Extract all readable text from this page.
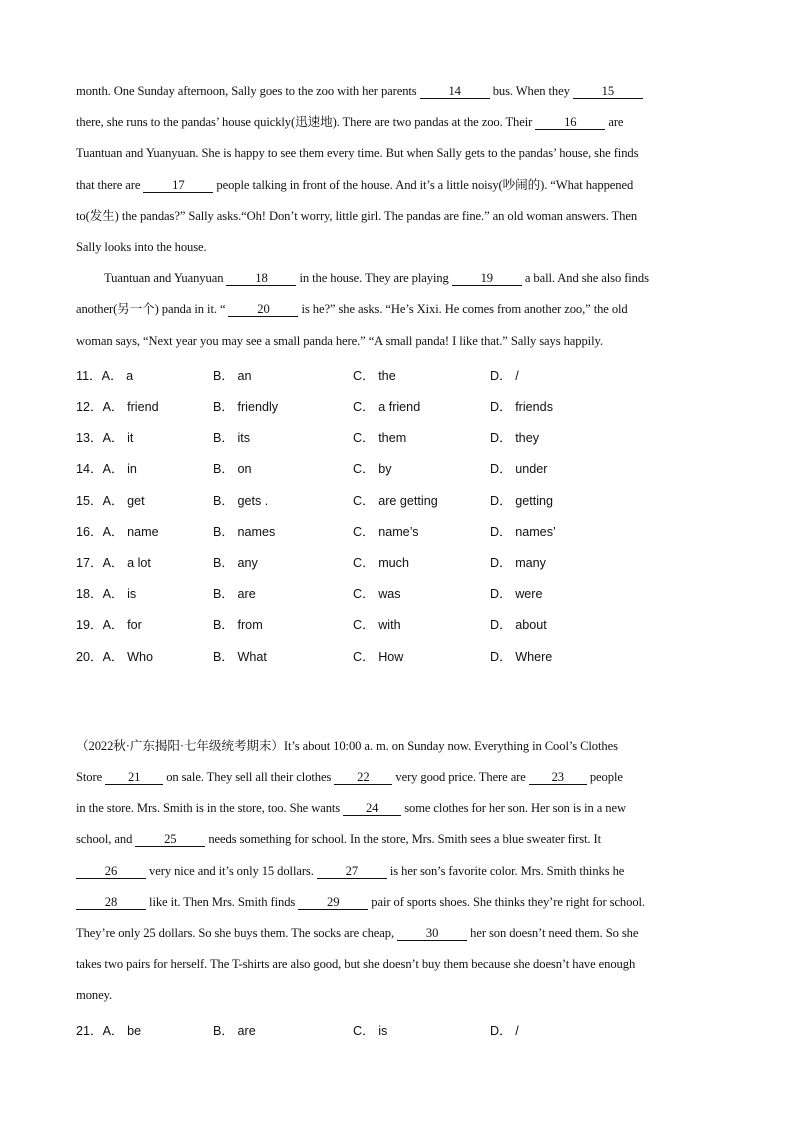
month. One Sunday afternoon, Sally goes to the zoo with her parents 14 bus. When they 15

there, she runs to the pandas’ house quickly(迅速地). There are two pandas at the zoo. Their 16 are

Tuantuan and Yuanyuan. She is happy to see them every time. But when Sally gets to the pandas’ house, she finds

that there are 17 people talking in front of the house. And it’s a little noisy(吵闹的). “What happened

to(发生) the pandas?” Sally asks.“Oh! Don’t worry, little girl. The pandas are fine.” an old woman answers. Then

Sally looks into the house.

Tuantuan and Yuanyuan 18 in the house. They are playing 19 a ball. And she also finds

another(另一个) panda in it. “ 20 is he?” she asks. “He’s Xixi. He comes from another zoo,” the old

woman says, “Next year you may see a small panda here.” “A small panda! I like that.” Sally says happily.

11．A． a	B． an	C． the	D． /
12．A． friend	B． friendly	C． a friend	D． friends
13．A． it	B． its	C． them	D． they
14．A． in	B． on	C． by	D． under
15．A． get	B． gets .	C． are getting	D． getting
16．A． name	B． names	C． name’s	D． names’
17．A． a lot	B． any	C． much	D． many
18．A． is	B． are	C． was	D． were
19．A． for	B． from	C． with	D． about
20．A． Who	B． What	C． How	D． Where

（2022秋·广东揭阳·七年级统考期末）It’s about 10:00 a. m. on Sunday now. Everything in Cool’s Clothes

Store 21 on sale. They sell all their clothes 22 very good price. There are 23 people

in the store. Mrs. Smith is in the store, too. She wants 24 some clothes for her son. Her son is in a new

school, and 25 needs something for school. In the store, Mrs. Smith sees a blue sweater first. It

26 very nice and it’s only 15 dollars. 27 is her son’s favorite color. Mrs. Smith thinks he

28 like it. Then Mrs. Smith finds 29 pair of sports shoes. She thinks they’re right for school.

They’re only 25 dollars. So she buys them. The socks are cheap, 30 her son doesn’t need them. So she

takes two pairs for herself. The T-shirts are also good, but she doesn’t buy them because she doesn’t have enough

money.

21．A． be	B． are	C． is	D． /
